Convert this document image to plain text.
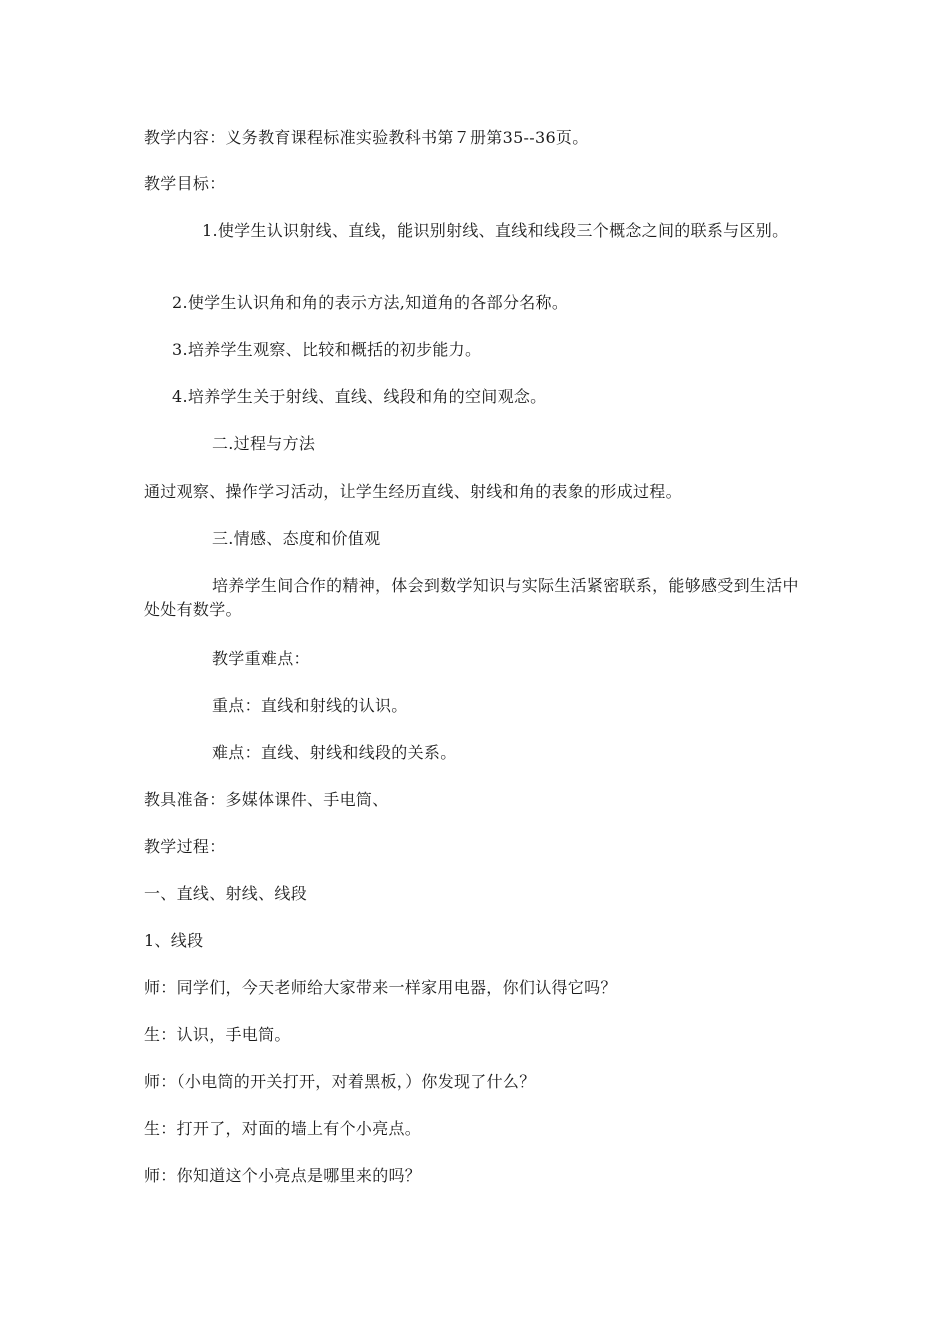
教学内容：义务教育课程标准实验教科书第７册第35--36页。
教学目标：
1.使学生认识射线、直线，能识别射线、直线和线段三个概念之间的联系与区别。
2.使学生认识角和角的表示方法,知道角的各部分名称。
3.培养学生观察、比较和概括的初步能力。
4.培养学生关于射线、直线、线段和角的空间观念。
二.过程与方法
通过观察、操作学习活动，让学生经历直线、射线和角的表象的形成过程。
三.情感、态度和价值观
培养学生间合作的精神，体会到数学知识与实际生活紧密联系，能够感受到生活中处处有数学。
教学重难点：
重点：直线和射线的认识。
难点：直线、射线和线段的关系。
教具准备：多媒体课件、手电筒、
教学过程：
一、直线、射线、线段
1、线段
师：同学们，今天老师给大家带来一样家用电器，你们认得它吗？
生：认识，手电筒。
师：（小电筒的开关打开，对着黑板，）你发现了什么？
生：打开了，对面的墙上有个小亮点。
师：你知道这个小亮点是哪里来的吗？
